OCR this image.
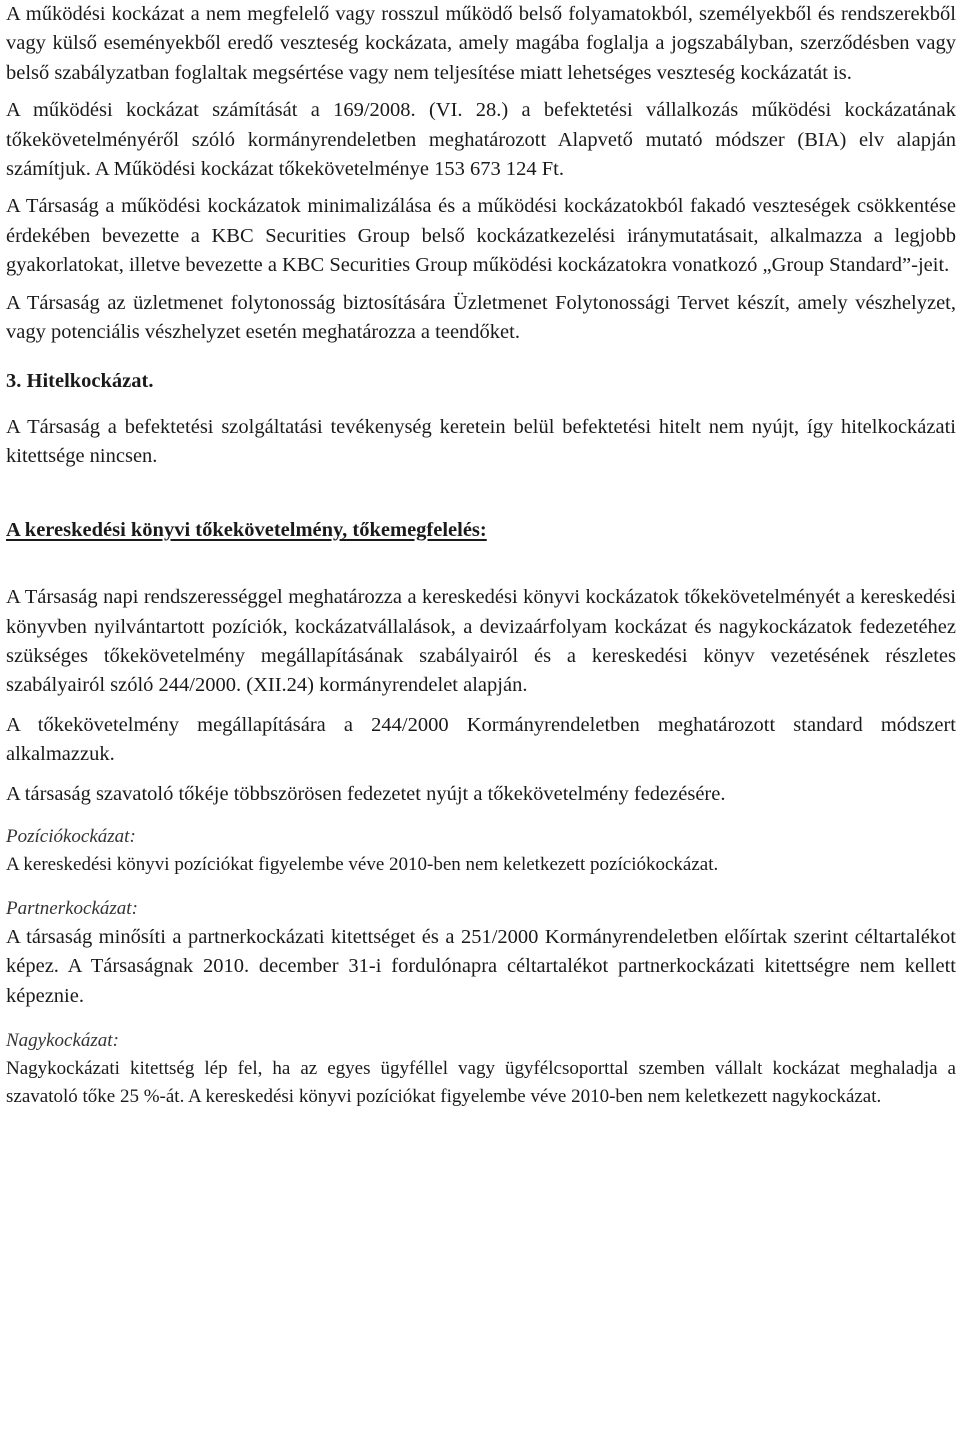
A működési kockázat a nem megfelelő vagy rosszul működő belső folyamatokból, személyekből és rendszerekből vagy külső eseményekből eredő veszteség kockázata, amely magába foglalja a jogszabályban, szerződésben vagy belső szabályzatban foglaltak megsértése vagy nem teljesítése miatt lehetséges veszteség kockázatát is.

A működési kockázat számítását a 169/2008. (VI. 28.) a befektetési vállalkozás működési kockázatának tőkekövetelményéről szóló kormányrendeletben meghatározott Alapvető mutató módszer (BIA) elv alapján számítjuk. A Működési kockázat tőkekövetelménye 153 673 124 Ft.

A Társaság a működési kockázatok minimalizálása és a működési kockázatokból fakadó veszteségek csökkentése érdekében bevezette a KBC Securities Group belső kockázatkezelési iránymutatásait, alkalmazza a legjobb gyakorlatokat, illetve bevezette a KBC Securities Group működési kockázatokra vonatkozó „Group Standard”-jeit.

A Társaság az üzletmenet folytonosság biztosítására Üzletmenet Folytonossági Tervet készít, amely vészhelyzet, vagy potenciális vészhelyzet esetén meghatározza a teendőket.

3. Hitelkockázat.

A Társaság a befektetési szolgáltatási tevékenység keretein belül befektetési hitelt nem nyújt, így hitelkockázati kitettsége nincsen.

A kereskedési könyvi tőkekövetelmény, tőkemegfelelés:

A Társaság napi rendszerességgel meghatározza a kereskedési könyvi kockázatok tőkekövetelményét a kereskedési könyvben nyilvántartott pozíciók, kockázatvállalások, a devizaárfolyam kockázat és nagykockázatok fedezetéhez szükséges tőkekövetelmény megállapításának szabályairól és a kereskedési könyv vezetésének részletes szabályairól szóló 244/2000. (XII.24) kormányrendelet alapján.

A tőkekövetelmény megállapítására a 244/2000 Kormányrendeletben meghatározott standard módszert alkalmazzuk.

A társaság szavatoló tőkéje többszörösen fedezetet nyújt a tőkekövetelmény fedezésére.

Pozíciókockázat:

A kereskedési könyvi pozíciókat figyelembe véve 2010-ben nem keletkezett pozíciókockázat.

Partnerkockázat:

A társaság minősíti a partnerkockázati kitettséget és a 251/2000 Kormányrendeletben előírtak szerint céltartalékot képez. A Társaságnak 2010. december 31-i fordulónapra céltartalékot partnerkockázati kitettségre nem kellett képeznie.

Nagykockázat:

Nagykockázati kitettség lép fel, ha az egyes ügyféllel vagy ügyfélcsoporttal szemben vállalt kockázat meghaladja a szavatoló tőke 25 %-át. A kereskedési könyvi pozíciókat figyelembe véve 2010-ben nem keletkezett nagykockázat.
